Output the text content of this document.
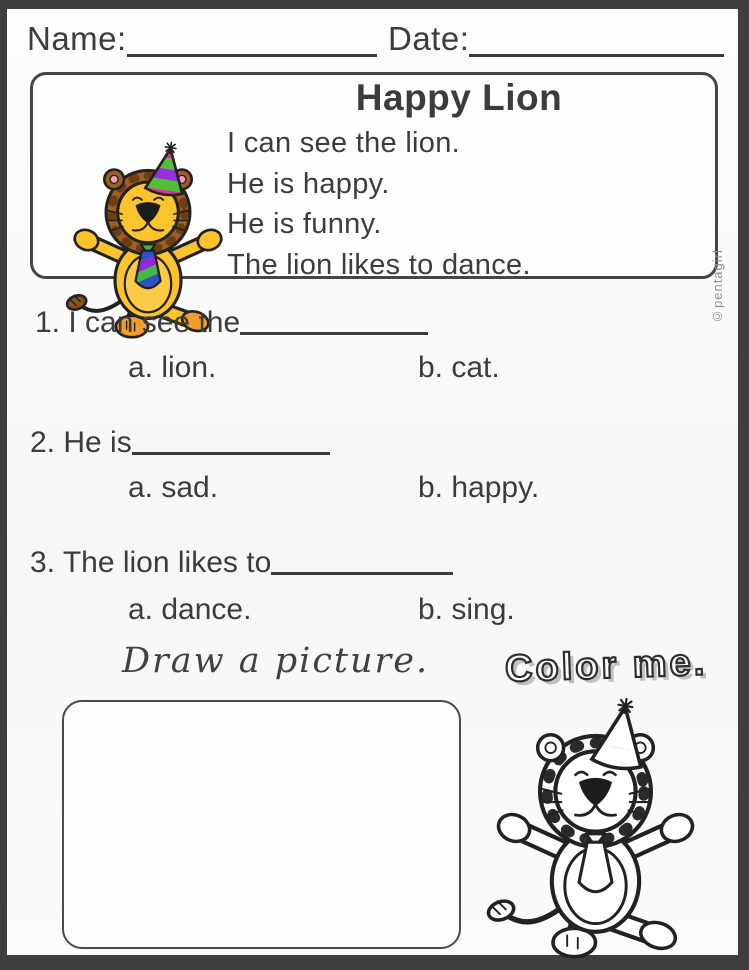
Name:	Date:
Happy Lion
I can see the lion.
He is happy.
He is funny.
The lion likes to dance.	©pentagirl
1. I can see the
a. lion.	b. cat.
2. He is
a. sad.	b. happy.
3. The lion likes to
a. dance.	b. sing.
Draw a picture. Color me.
